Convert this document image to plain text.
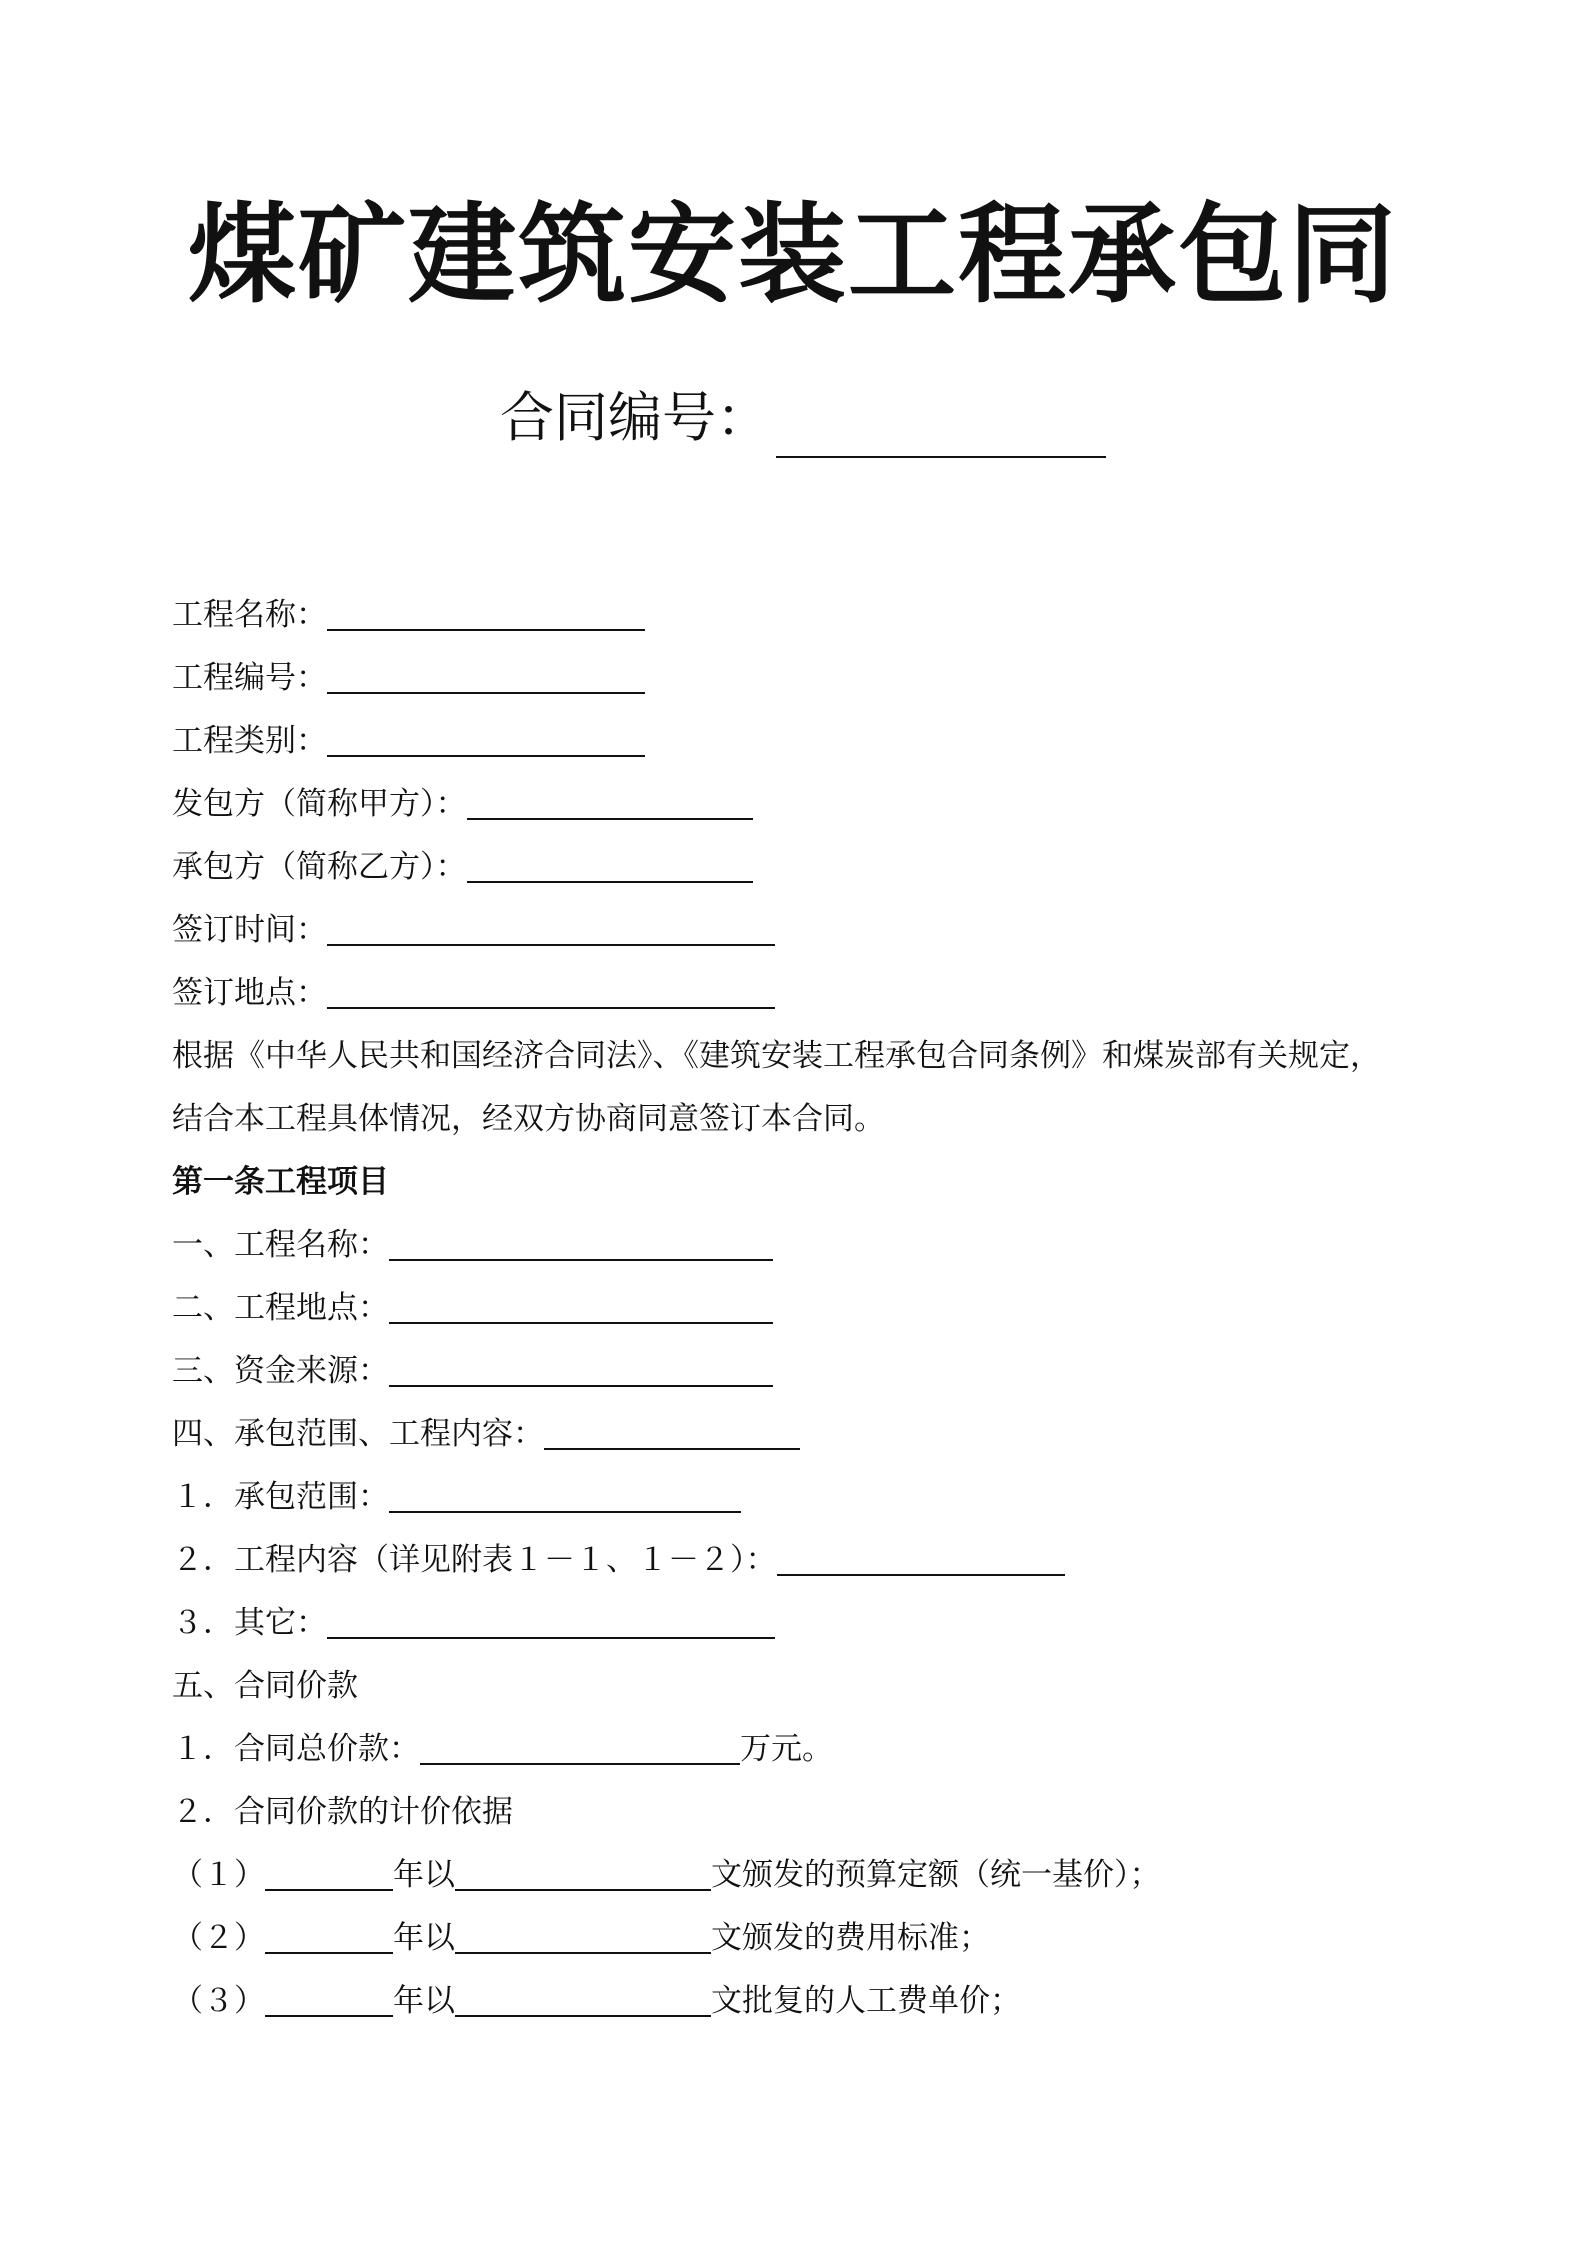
煤矿建筑安装工程承包同
合同编号：
工程名称：
工程编号：
工程类别：
发包方（简称甲方）：
承包方（简称乙方）：
签订时间：
签订地点：
根据《中华人民共和国经济合同法》、《建筑安装工程承包合同条例》和煤炭部有关规定，
结合本工程具体情况，经双方协商同意签订本合同。
第一条工程项目
一、工程名称：
二、工程地点：
三、资金来源：
四、承包范围、工程内容：
１．承包范围：
２．工程内容（详见附表１－１、１－２）：
３．其它：
五、合同价款
１．合同总价款：	万元。
２．合同价款的计价依据
（１）	年以	文颁发的预算定额（统一基价）；
（２）	年以	文颁发的费用标准；
（３）	年以	文批复的人工费单价；
